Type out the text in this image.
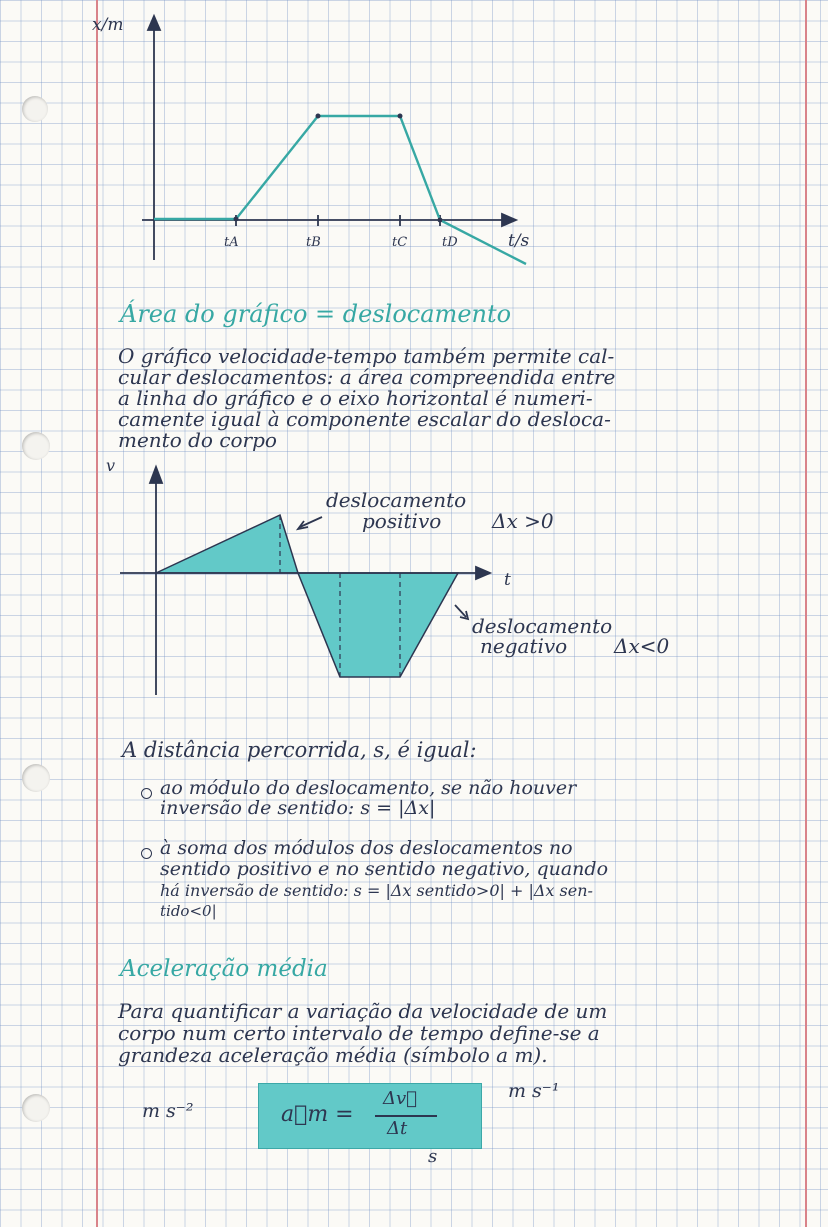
x/m
t/s
tA	tB	tC	tD
Área do gráfico = deslocamento
O gráfico velocidade-tempo também permite cal-
cular deslocamentos: a área compreendida entre
a linha do gráfico e o eixo horizontal é numeri-
camente igual à componente escalar do desloca-
mento do corpo
v
t
deslocamento
positivo	Δx >0
deslocamento
negativo Δx<0
A distância percorrida, s, é igual:
ao módulo do deslocamento, se não houver
inversão de sentido: s = |Δx|
à soma dos módulos dos deslocamentos no
sentido positivo e no sentido negativo, quando
há inversão de sentido: s = |Δx sentido>0| + |Δx sen-
tido<0|
Aceleração média
Para quantificar a variação da velocidade de um
corpo num certo intervalo de tempo define-se a
grandeza aceleração média (símbolo a m).
m s⁻¹
m s⁻²	a⃗m =
Δv⃗
Δt
s
